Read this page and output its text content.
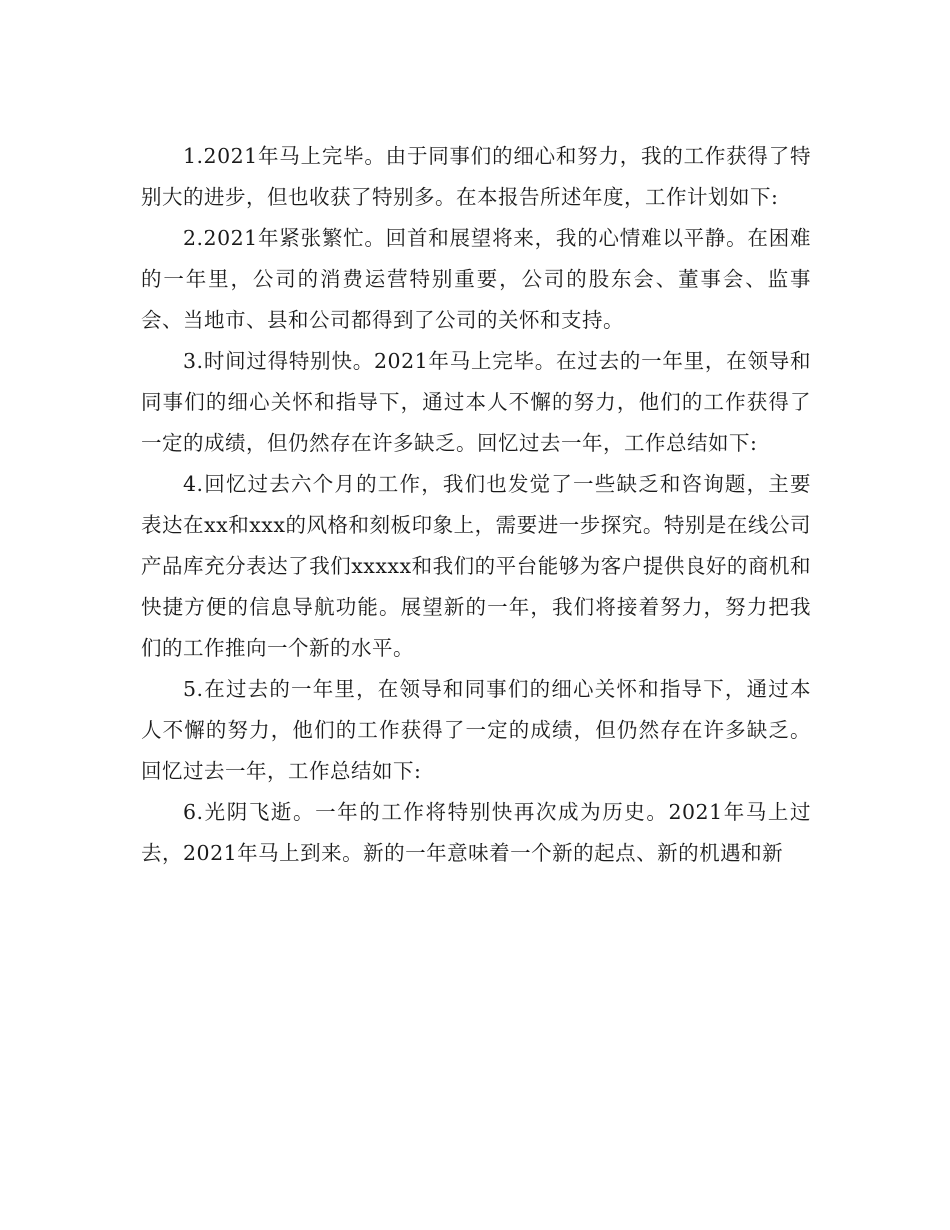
1.2021年马上完毕。由于同事们的细心和努力，我的工作获得了特别大的进步，但也收获了特别多。在本报告所述年度，工作计划如下:

2.2021年紧张繁忙。回首和展望将来，我的心情难以平静。在困难的一年里，公司的消费运营特别重要，公司的股东会、董事会、监事会、当地市、县和公司都得到了公司的关怀和支持。

3.时间过得特别快。2021年马上完毕。在过去的一年里，在领导和同事们的细心关怀和指导下，通过本人不懈的努力，他们的工作获得了一定的成绩，但仍然存在许多缺乏。回忆过去一年，工作总结如下:

4.回忆过去六个月的工作，我们也发觉了一些缺乏和咨询题，主要表达在xx和xxx的风格和刻板印象上，需要进一步探究。特别是在线公司产品库充分表达了我们xxxxx和我们的平台能够为客户提供良好的商机和快捷方便的信息导航功能。展望新的一年，我们将接着努力，努力把我们的工作推向一个新的水平。

5.在过去的一年里，在领导和同事们的细心关怀和指导下，通过本人不懈的努力，他们的工作获得了一定的成绩，但仍然存在许多缺乏。回忆过去一年，工作总结如下:

6.光阴飞逝。一年的工作将特别快再次成为历史。2021年马上过去，2021年马上到来。新的一年意味着一个新的起点、新的机遇和新
